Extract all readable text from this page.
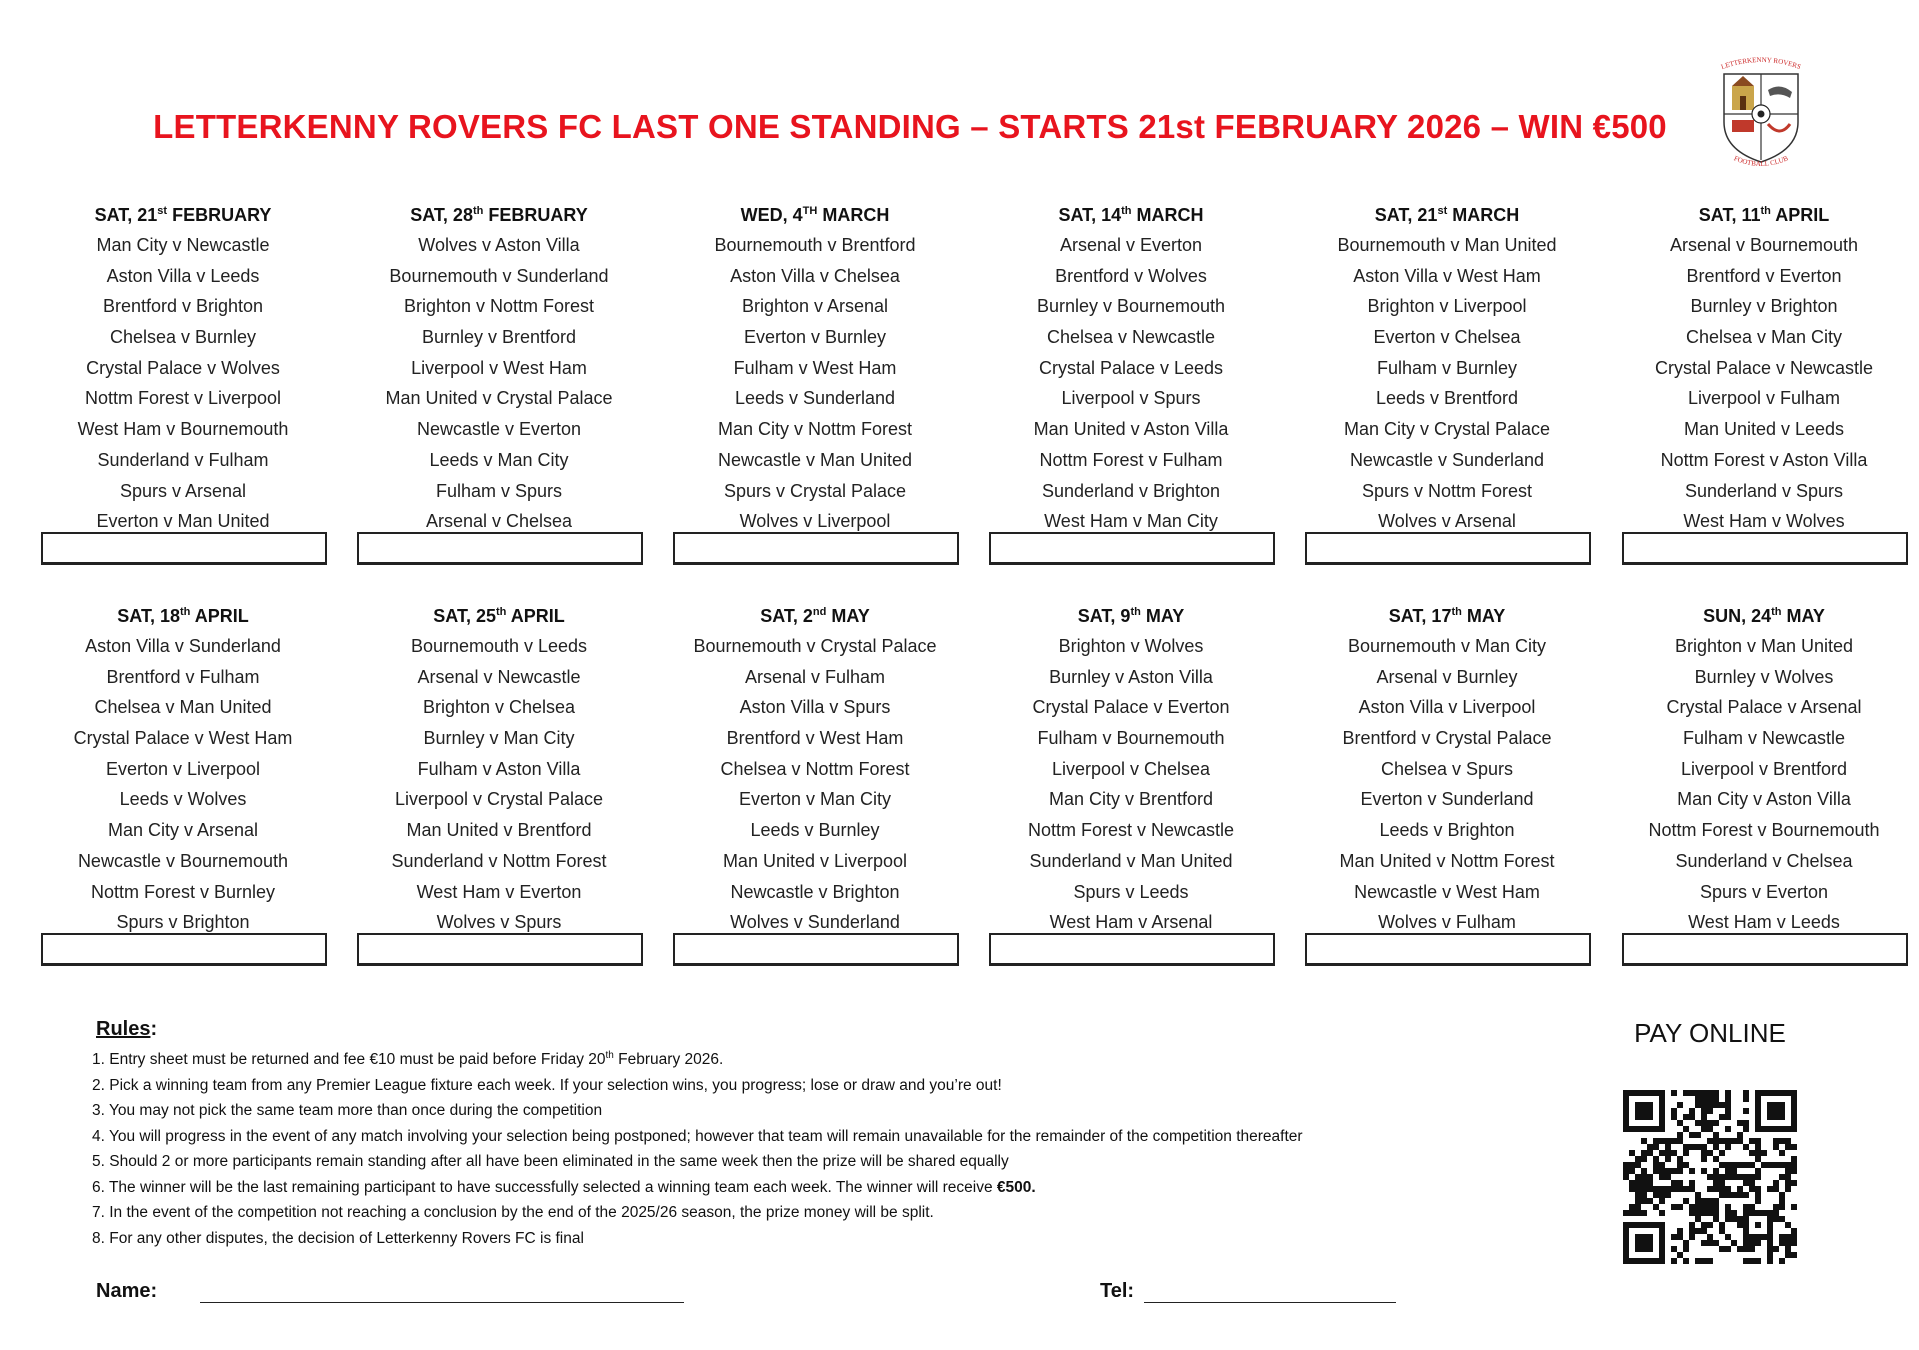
LETTERKENNY ROVERS FC LAST ONE STANDING – STARTS 21st FEBRUARY 2026 – WIN €500
LETTERKENNY ROVERS
FOOTBALL CLUB
SAT, 21st FEBRUARY
Man City v Newcastle
Aston Villa v Leeds
Brentford v Brighton
Chelsea v Burnley
Crystal Palace v Wolves
Nottm Forest v Liverpool
West Ham v Bournemouth
Sunderland v Fulham
Spurs v Arsenal
Everton v Man United
SAT, 28th FEBRUARY
Wolves v Aston Villa
Bournemouth v Sunderland
Brighton v Nottm Forest
Burnley v Brentford
Liverpool v West Ham
Man United v Crystal Palace
Newcastle v Everton
Leeds v Man City
Fulham v Spurs
Arsenal v Chelsea
WED, 4TH MARCH
Bournemouth v Brentford
Aston Villa v Chelsea
Brighton v Arsenal
Everton v Burnley
Fulham v West Ham
Leeds v Sunderland
Man City v Nottm Forest
Newcastle v Man United
Spurs v Crystal Palace
Wolves v Liverpool
SAT, 14th MARCH
Arsenal v Everton
Brentford v Wolves
Burnley v Bournemouth
Chelsea v Newcastle
Crystal Palace v Leeds
Liverpool v Spurs
Man United v Aston Villa
Nottm Forest v Fulham
Sunderland v Brighton
West Ham v Man City
SAT, 21st MARCH
Bournemouth v Man United
Aston Villa v West Ham
Brighton v Liverpool
Everton v Chelsea
Fulham v Burnley
Leeds v Brentford
Man City v Crystal Palace
Newcastle v Sunderland
Spurs v Nottm Forest
Wolves v Arsenal
SAT, 11th APRIL
Arsenal v Bournemouth
Brentford v Everton
Burnley v Brighton
Chelsea v Man City
Crystal Palace v Newcastle
Liverpool v Fulham
Man United v Leeds
Nottm Forest v Aston Villa
Sunderland v Spurs
West Ham v Wolves
SAT, 18th APRIL
Aston Villa v Sunderland
Brentford v Fulham
Chelsea v Man United
Crystal Palace v West Ham
Everton v Liverpool
Leeds v Wolves
Man City v Arsenal
Newcastle v Bournemouth
Nottm Forest v Burnley
Spurs v Brighton
SAT, 25th APRIL
Bournemouth v Leeds
Arsenal v Newcastle
Brighton v Chelsea
Burnley v Man City
Fulham v Aston Villa
Liverpool v Crystal Palace
Man United v Brentford
Sunderland v Nottm Forest
West Ham v Everton
Wolves v Spurs
SAT, 2nd MAY
Bournemouth v Crystal Palace
Arsenal v Fulham
Aston Villa v Spurs
Brentford v West Ham
Chelsea v Nottm Forest
Everton v Man City
Leeds v Burnley
Man United v Liverpool
Newcastle v Brighton
Wolves v Sunderland
SAT, 9th MAY
Brighton v Wolves
Burnley v Aston Villa
Crystal Palace v Everton
Fulham v Bournemouth
Liverpool v Chelsea
Man City v Brentford
Nottm Forest v Newcastle
Sunderland v Man United
Spurs v Leeds
West Ham v Arsenal
SAT, 17th MAY
Bournemouth v Man City
Arsenal v Burnley
Aston Villa v Liverpool
Brentford v Crystal Palace
Chelsea v Spurs
Everton v Sunderland
Leeds v Brighton
Man United v Nottm Forest
Newcastle v West Ham
Wolves v Fulham
SUN, 24th MAY
Brighton v Man United
Burnley v Wolves
Crystal Palace v Arsenal
Fulham v Newcastle
Liverpool v Brentford
Man City v Aston Villa
Nottm Forest v Bournemouth
Sunderland v Chelsea
Spurs v Everton
West Ham v Leeds
Rules:
1. Entry sheet must be returned and fee €10 must be paid before Friday 20th February 2026.
2. Pick a winning team from any Premier League fixture each week. If your selection wins, you progress; lose or draw and you’re out!
3. You may not pick the same team more than once during the competition
4. You will progress in the event of any match involving your selection being postponed; however that team will remain unavailable for the remainder of the competition thereafter
5. Should 2 or more participants remain standing after all have been eliminated in the same week then the prize will be shared equally
6. The winner will be the last remaining participant to have successfully selected a winning team each week. The winner will receive €500.
7. In the event of the competition not reaching a conclusion by the end of the 2025/26 season, the prize money will be split.
8. For any other disputes, the decision of Letterkenny Rovers FC is final
PAY ONLINE
Name:	Tel:
